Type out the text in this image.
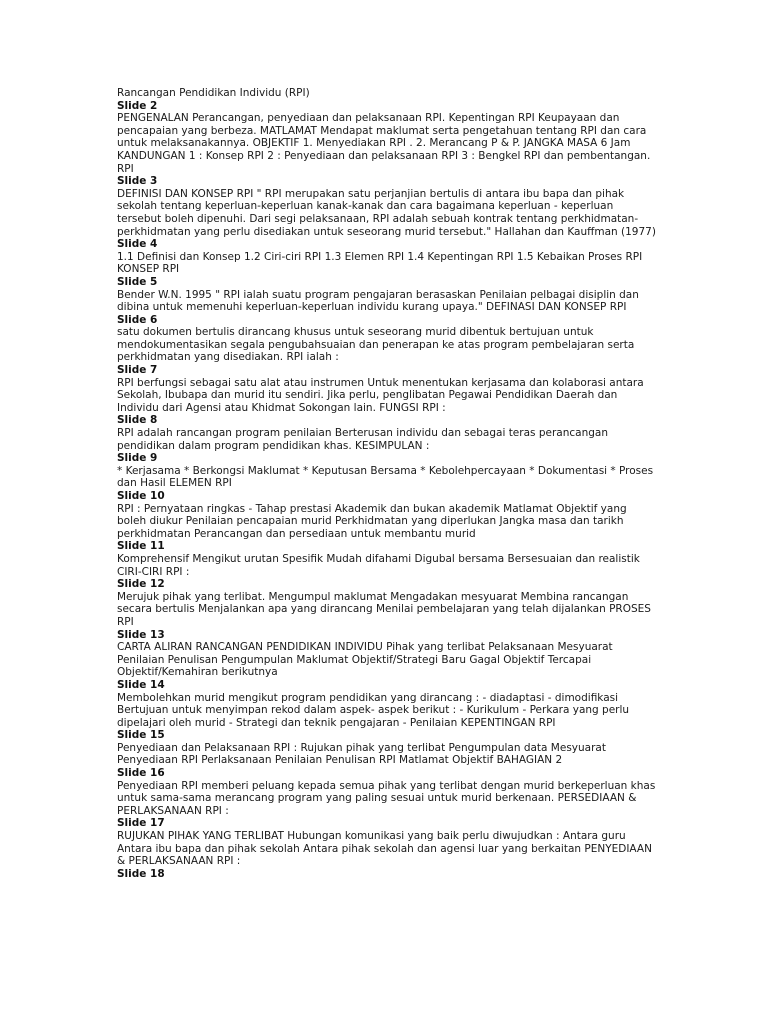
Rancangan Pendidikan Individu (RPI)

Slide 2

PENGENALAN Perancangan, penyediaan dan pelaksanaan RPI. Kepentingan RPI Keupayaan dan pencapaian yang berbeza. MATLAMAT Mendapat maklumat serta pengetahuan tentang RPI dan cara untuk melaksanakannya. OBJEKTIF 1. Menyediakan RPI . 2. Merancang P & P. JANGKA MASA 6 Jam KANDUNGAN 1 : Konsep RPI 2 : Penyediaan dan pelaksanaan RPI 3 : Bengkel RPI dan pembentangan. RPI

Slide 3

DEFINISI DAN KONSEP RPI " RPI merupakan satu perjanjian bertulis di antara ibu bapa dan pihak sekolah tentang keperluan-keperluan kanak-kanak dan cara bagaimana keperluan - keperluan tersebut boleh dipenuhi. Dari segi pelaksanaan, RPI adalah sebuah kontrak tentang perkhidmatan-perkhidmatan yang perlu disediakan untuk seseorang murid tersebut." Hallahan dan Kauffman (1977)

Slide 4

1.1 Definisi dan Konsep 1.2 Ciri-ciri RPI 1.3 Elemen RPI 1.4 Kepentingan RPI 1.5 Kebaikan Proses RPI KONSEP RPI

Slide 5

Bender W.N. 1995 " RPI ialah suatu program pengajaran berasaskan Penilaian pelbagai disiplin dan dibina untuk memenuhi keperluan-keperluan individu kurang upaya." DEFINASI DAN KONSEP RPI

Slide 6

satu dokumen bertulis dirancang khusus untuk seseorang murid dibentuk bertujuan untuk mendokumentasikan segala pengubahsuaian dan penerapan ke atas program pembelajaran serta perkhidmatan yang disediakan. RPI ialah :

Slide 7

RPI berfungsi sebagai satu alat atau instrumen Untuk menentukan kerjasama dan kolaborasi antara Sekolah, Ibubapa dan murid itu sendiri. Jika perlu, penglibatan Pegawai Pendidikan Daerah dan Individu dari Agensi atau Khidmat Sokongan lain. FUNGSI RPI :

Slide 8

RPI adalah rancangan program penilaian Berterusan individu dan sebagai teras perancangan pendidikan dalam program pendidikan khas. KESIMPULAN :

Slide 9

* Kerjasama * Berkongsi Maklumat * Keputusan Bersama * Kebolehpercayaan * Dokumentasi * Proses dan Hasil ELEMEN RPI

Slide 10

RPI : Pernyataan ringkas - Tahap prestasi Akademik dan bukan akademik Matlamat Objektif yang boleh diukur Penilaian pencapaian murid Perkhidmatan yang diperlukan Jangka masa dan tarikh perkhidmatan Perancangan dan persediaan untuk membantu murid

Slide 11

Komprehensif Mengikut urutan Spesifik Mudah difahami Digubal bersama Bersesuaian dan realistik CIRI-CIRI RPI :

Slide 12

Merujuk pihak yang terlibat. Mengumpul maklumat Mengadakan mesyuarat Membina rancangan secara bertulis Menjalankan apa yang dirancang Menilai pembelajaran yang telah dijalankan PROSES RPI

Slide 13

CARTA ALIRAN RANCANGAN PENDIDIKAN INDIVIDU Pihak yang terlibat Pelaksanaan Mesyuarat Penilaian Penulisan Pengumpulan Maklumat Objektif/Strategi Baru Gagal Objektif Tercapai Objektif/Kemahiran berikutnya

Slide 14

Membolehkan murid mengikut program pendidikan yang dirancang : - diadaptasi - dimodifikasi Bertujuan untuk menyimpan rekod dalam aspek- aspek berikut : - Kurikulum - Perkara yang perlu dipelajari oleh murid - Strategi dan teknik pengajaran - Penilaian KEPENTINGAN RPI

Slide 15

Penyediaan dan Pelaksanaan RPI : Rujukan pihak yang terlibat Pengumpulan data Mesyuarat Penyediaan RPI Perlaksanaan Penilaian Penulisan RPI Matlamat Objektif BAHAGIAN 2

Slide 16

Penyediaan RPI memberi peluang kepada semua pihak yang terlibat dengan murid berkeperluan khas untuk sama-sama merancang program yang paling sesuai untuk murid berkenaan. PERSEDIAAN & PERLAKSANAAN RPI :

Slide 17

RUJUKAN PIHAK YANG TERLIBAT Hubungan komunikasi yang baik perlu diwujudkan : Antara guru Antara ibu bapa dan pihak sekolah Antara pihak sekolah dan agensi luar yang berkaitan PENYEDIAAN & PERLAKSANAAN RPI :

Slide 18
